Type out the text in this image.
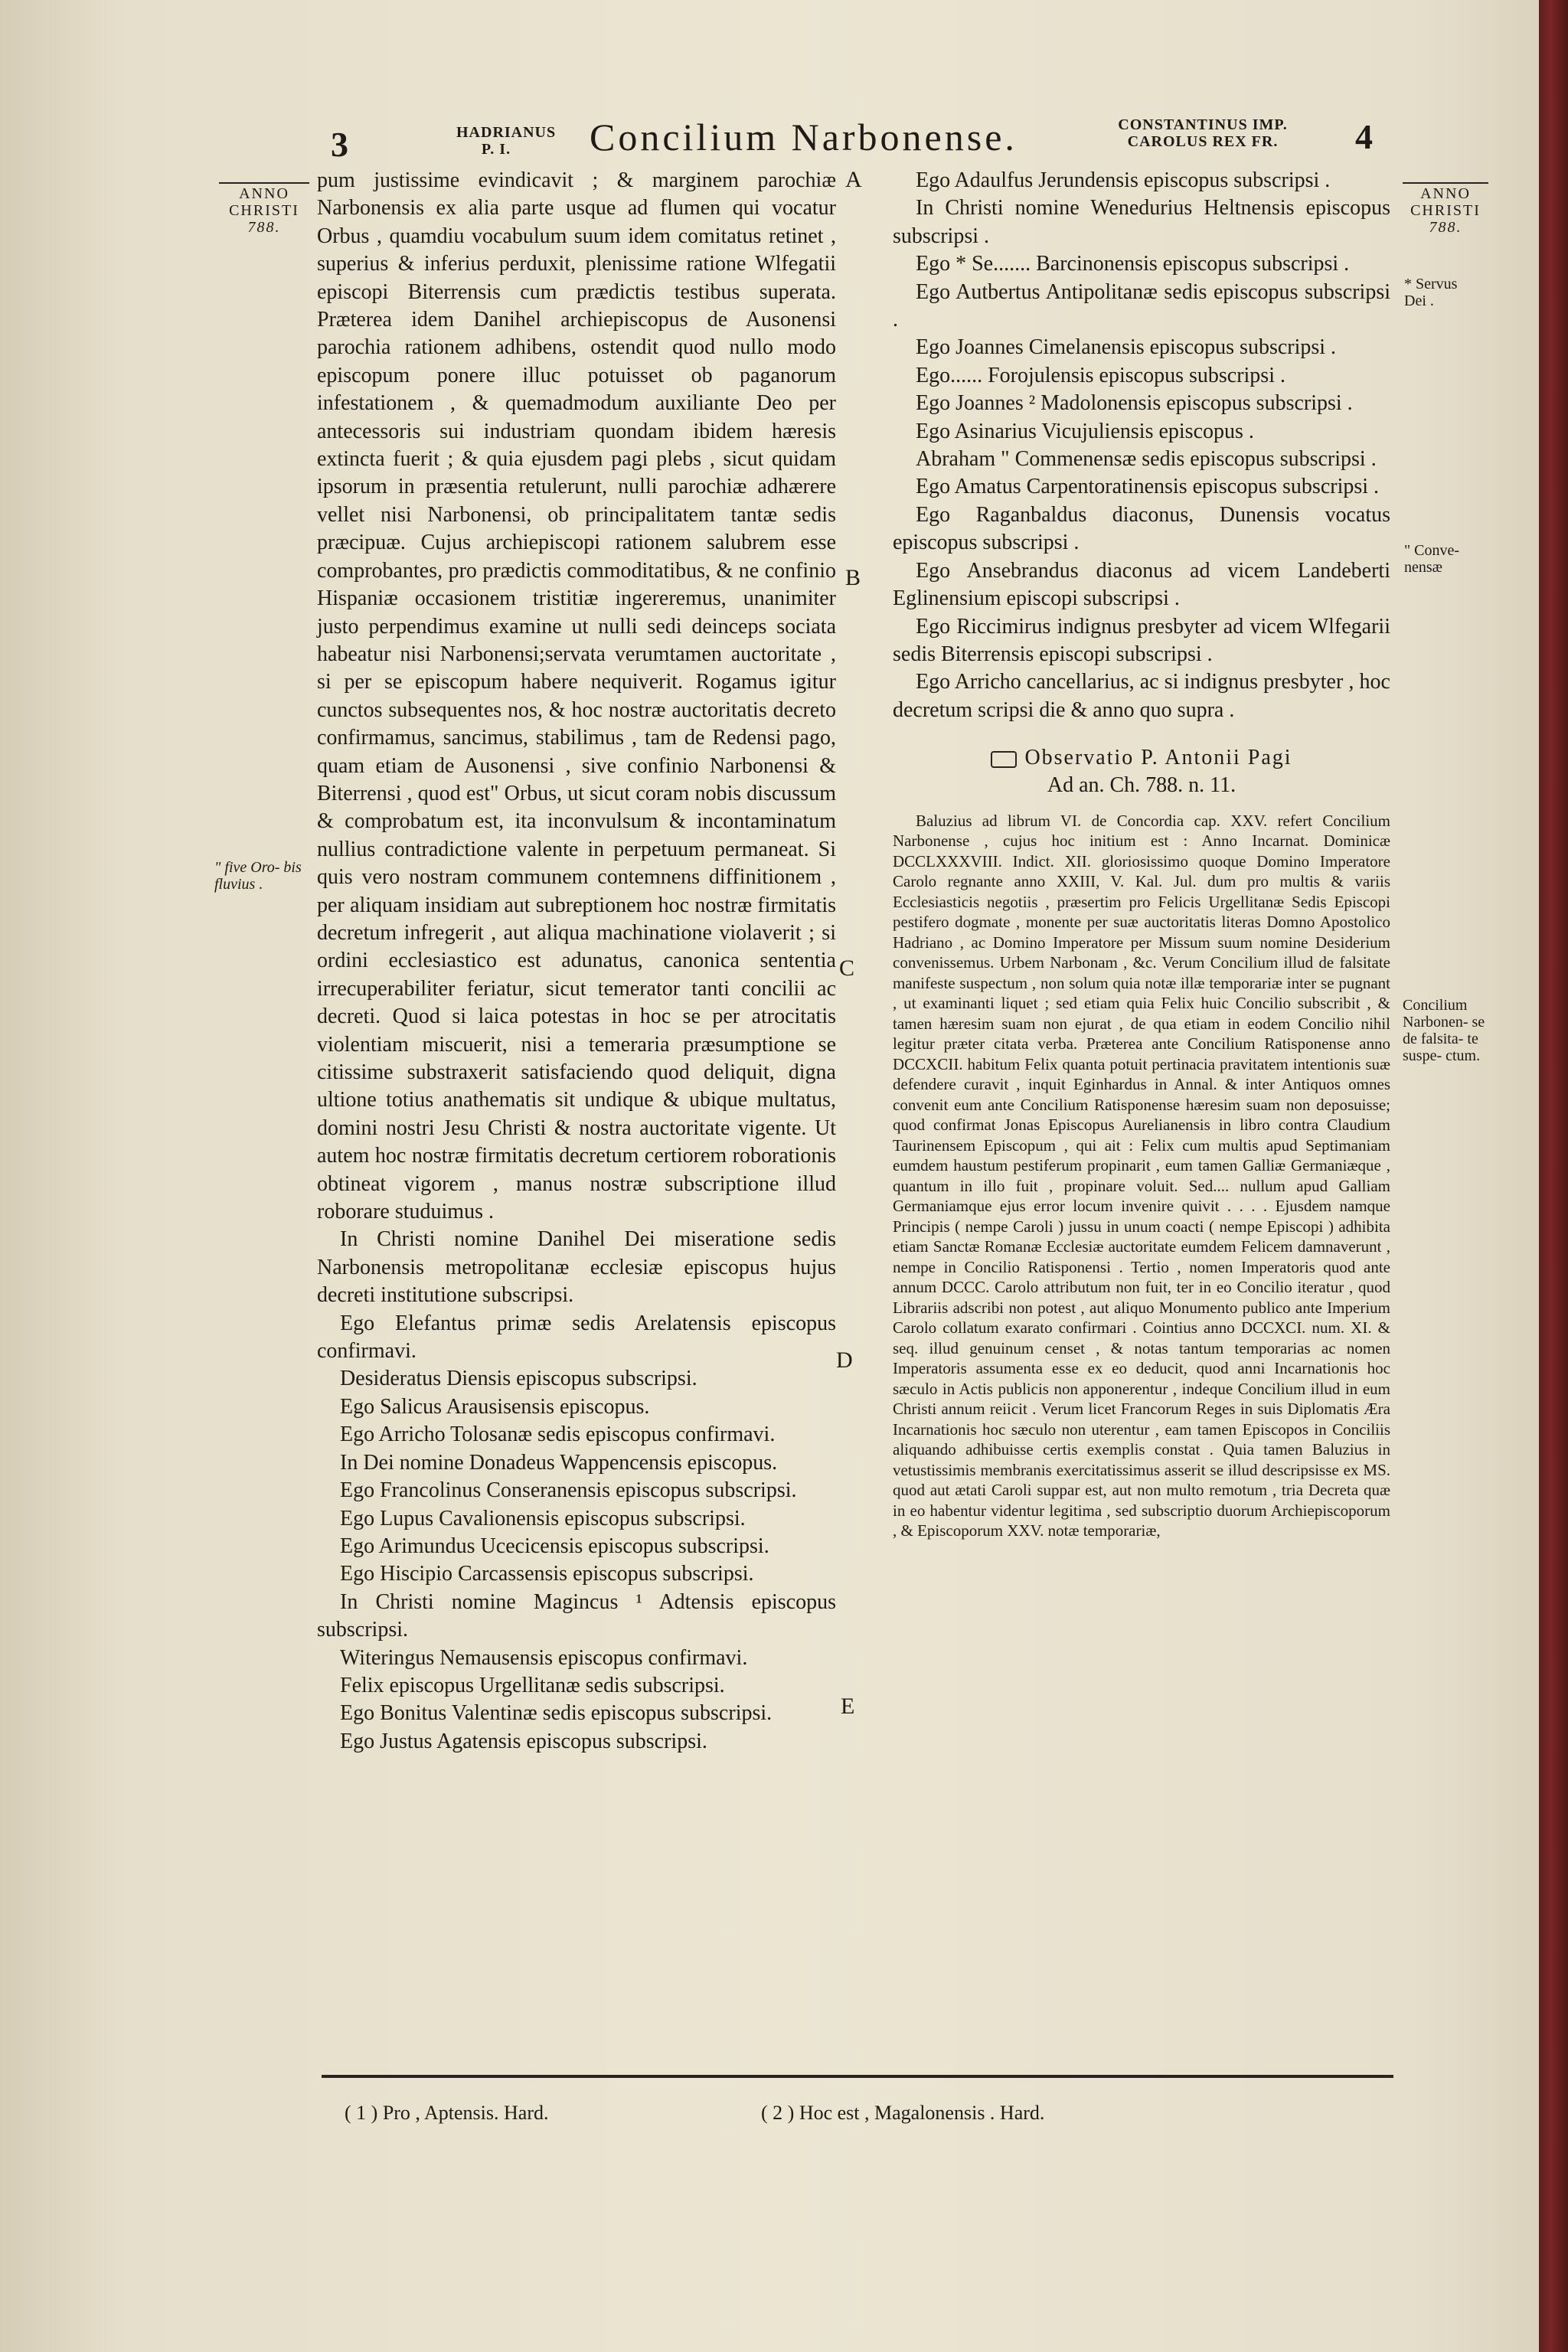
3	HADRIANUS
P. I.	Concilium Narbonense.	CONSTANTINUS IMP.
CAROLUS REX FR.	4
ANNO
CHRISTI
788.
" five Oro- bis fluvius .
ANNO
CHRISTI
788.
* Servus Dei .
" Conve- nensæ
Concilium Narbonen- se de falsita- te suspe- ctum.
A
B
C
D
E

pum justissime evindicavit ; & marginem parochiæ Narbonensis ex alia parte usque ad flumen qui vocatur Orbus , quamdiu vocabulum suum idem comitatus retinet , superius & inferius perduxit, plenissime ratione Wlfegatii episcopi Biterrensis cum prædictis testibus superata. Præterea idem Danihel archiepiscopus de Ausonensi parochia rationem adhibens, ostendit quod nullo modo episcopum ponere illuc potuisset ob paganorum infestationem , & quemadmodum auxiliante Deo per antecessoris sui industriam quondam ibidem hæresis extincta fuerit ; & quia ejusdem pagi plebs , sicut quidam ipsorum in præsentia retulerunt, nulli parochiæ adhærere vellet nisi Narbonensi, ob principalitatem tantæ sedis præcipuæ. Cujus archiepiscopi rationem salubrem esse comprobantes, pro prædictis commoditatibus, & ne confinio Hispaniæ occasionem tristitiæ ingereremus, unanimiter justo perpendimus examine ut nulli sedi deinceps sociata habeatur nisi Narbonensi;servata verumtamen auctoritate , si per se episcopum habere nequiverit. Rogamus igitur cunctos subsequentes nos, & hoc nostræ auctoritatis decreto confirmamus, sancimus, stabilimus , tam de Redensi pago, quam etiam de Ausonensi , sive confinio Narbonensi & Biterrensi , quod est" Orbus, ut sicut coram nobis discussum & comprobatum est, ita inconvulsum & incontaminatum nullius contradictione valente in perpetuum permaneat. Si quis vero nostram communem contemnens diffinitionem , per aliquam insidiam aut subreptionem hoc nostræ firmitatis decretum infregerit , aut aliqua machinatione violaverit ; si ordini ecclesiastico est adunatus, canonica sententia irrecuperabiliter feriatur, sicut temerator tanti concilii ac decreti. Quod si laica potestas in hoc se per atrocitatis violentiam miscuerit, nisi a temeraria præsumptione se citissime substraxerit satisfaciendo quod deliquit, digna ultione totius anathematis sit undique & ubique multatus, domini nostri Jesu Christi & nostra auctoritate vigente. Ut autem hoc nostræ firmitatis decretum certiorem roborationis obtineat vigorem , manus nostræ subscriptione illud roborare studuimus .

In Christi nomine Danihel Dei miseratione sedis Narbonensis metropolitanæ ecclesiæ episcopus hujus decreti institutione subscripsi.

Ego Elefantus primæ sedis Arelatensis episcopus confirmavi.

Desideratus Diensis episcopus subscripsi.

Ego Salicus Arausisensis episcopus.

Ego Arricho Tolosanæ sedis episcopus confirmavi.

In Dei nomine Donadeus Wappencensis episcopus.

Ego Francolinus Conseranensis episcopus subscripsi.

Ego Lupus Cavalionensis episcopus subscripsi.

Ego Arimundus Ucecicensis episcopus subscripsi.

Ego Hiscipio Carcassensis episcopus subscripsi.

In Christi nomine Magincus ¹ Adtensis episcopus subscripsi.

Witeringus Nemausensis episcopus confirmavi.

Felix episcopus Urgellitanæ sedis subscripsi.

Ego Bonitus Valentinæ sedis episcopus subscripsi.

Ego Justus Agatensis episcopus subscripsi.

Ego Adaulfus Jerundensis episcopus subscripsi .

In Christi nomine Wenedurius Heltnensis episcopus subscripsi .

Ego * Se....... Barcinonensis episcopus subscripsi .

Ego Autbertus Antipolitanæ sedis episcopus subscripsi .

Ego Joannes Cimelanensis episcopus subscripsi .

Ego...... Forojulensis episcopus subscripsi .

Ego Joannes ² Madolonensis episcopus subscripsi .

Ego Asinarius Vicujuliensis episcopus .

Abraham " Commenensæ sedis episcopus subscripsi .

Ego Amatus Carpentoratinensis episcopus subscripsi .

Ego Raganbaldus diaconus, Dunensis vocatus episcopus subscripsi .

Ego Ansebrandus diaconus ad vicem Landeberti Eglinensium episcopi subscripsi .

Ego Riccimirus indignus presbyter ad vicem Wlfegarii sedis Biterrensis episcopi subscripsi .

Ego Arricho cancellarius, ac si indignus presbyter , hoc decretum scripsi die & anno quo supra .

Observatio P. Antonii Pagi

Ad an. Ch. 788. n. 11.

Baluzius ad librum VI. de Concordia cap. XXV. refert Concilium Narbonense , cujus hoc initium est : Anno Incarnat. Dominicæ DCCLXXXVIII. Indict. XII. gloriosissimo quoque Domino Imperatore Carolo regnante anno XXIII, V. Kal. Jul. dum pro multis & variis Ecclesiasticis negotiis , præsertim pro Felicis Urgellitanæ Sedis Episcopi pestifero dogmate , monente per suæ auctoritatis literas Domno Apostolico Hadriano , ac Domino Imperatore per Missum suum nomine Desiderium convenissemus. Urbem Narbonam , &c. Verum Concilium illud de falsitate manifeste suspectum , non solum quia notæ illæ temporariæ inter se pugnant , ut examinanti liquet ; sed etiam quia Felix huic Concilio subscribit , & tamen hæresim suam non ejurat , de qua etiam in eodem Concilio nihil legitur præter citata verba. Præterea ante Concilium Ratisponense anno DCCXCII. habitum Felix quanta potuit pertinacia pravitatem intentionis suæ defendere curavit , inquit Eginhardus in Annal. & inter Antiquos omnes convenit eum ante Concilium Ratisponense hæresim suam non deposuisse; quod confirmat Jonas Episcopus Aurelianensis in libro contra Claudium Taurinensem Episcopum , qui ait : Felix cum multis apud Septimaniam eumdem haustum pestiferum propinarit , eum tamen Galliæ Germaniæque , quantum in illo fuit , propinare voluit. Sed.... nullum apud Galliam Germaniamque ejus error locum invenire quivit . . . . Ejusdem namque Principis ( nempe Caroli ) jussu in unum coacti ( nempe Episcopi ) adhibita etiam Sanctæ Romanæ Ecclesiæ auctoritate eumdem Felicem damnaverunt , nempe in Concilio Ratisponensi . Tertio , nomen Imperatoris quod ante annum DCCC. Carolo attributum non fuit, ter in eo Concilio iteratur , quod Librariis adscribi non potest , aut aliquo Monumento publico ante Imperium Carolo collatum exarato confirmari . Cointius anno DCCXCI. num. XI. & seq. illud genuinum censet , & notas tantum temporarias ac nomen Imperatoris assumenta esse ex eo deducit, quod anni Incarnationis hoc sæculo in Actis publicis non apponerentur , indeque Concilium illud in eum Christi annum reiicit . Verum licet Francorum Reges in suis Diplomatis Æra Incarnationis hoc sæculo non uterentur , eam tamen Episcopos in Conciliis aliquando adhibuisse certis exemplis constat . Quia tamen Baluzius in vetustissimis membranis exercitatissimus asserit se illud descripsisse ex MS. quod aut ætati Caroli suppar est, aut non multo remotum , tria Decreta quæ in eo habentur videntur legitima , sed subscriptio duorum Archiepiscoporum , & Episcoporum XXV. notæ temporariæ,

( 1 ) Pro , Aptensis. Hard.	( 2 ) Hoc est , Magalonensis . Hard.
